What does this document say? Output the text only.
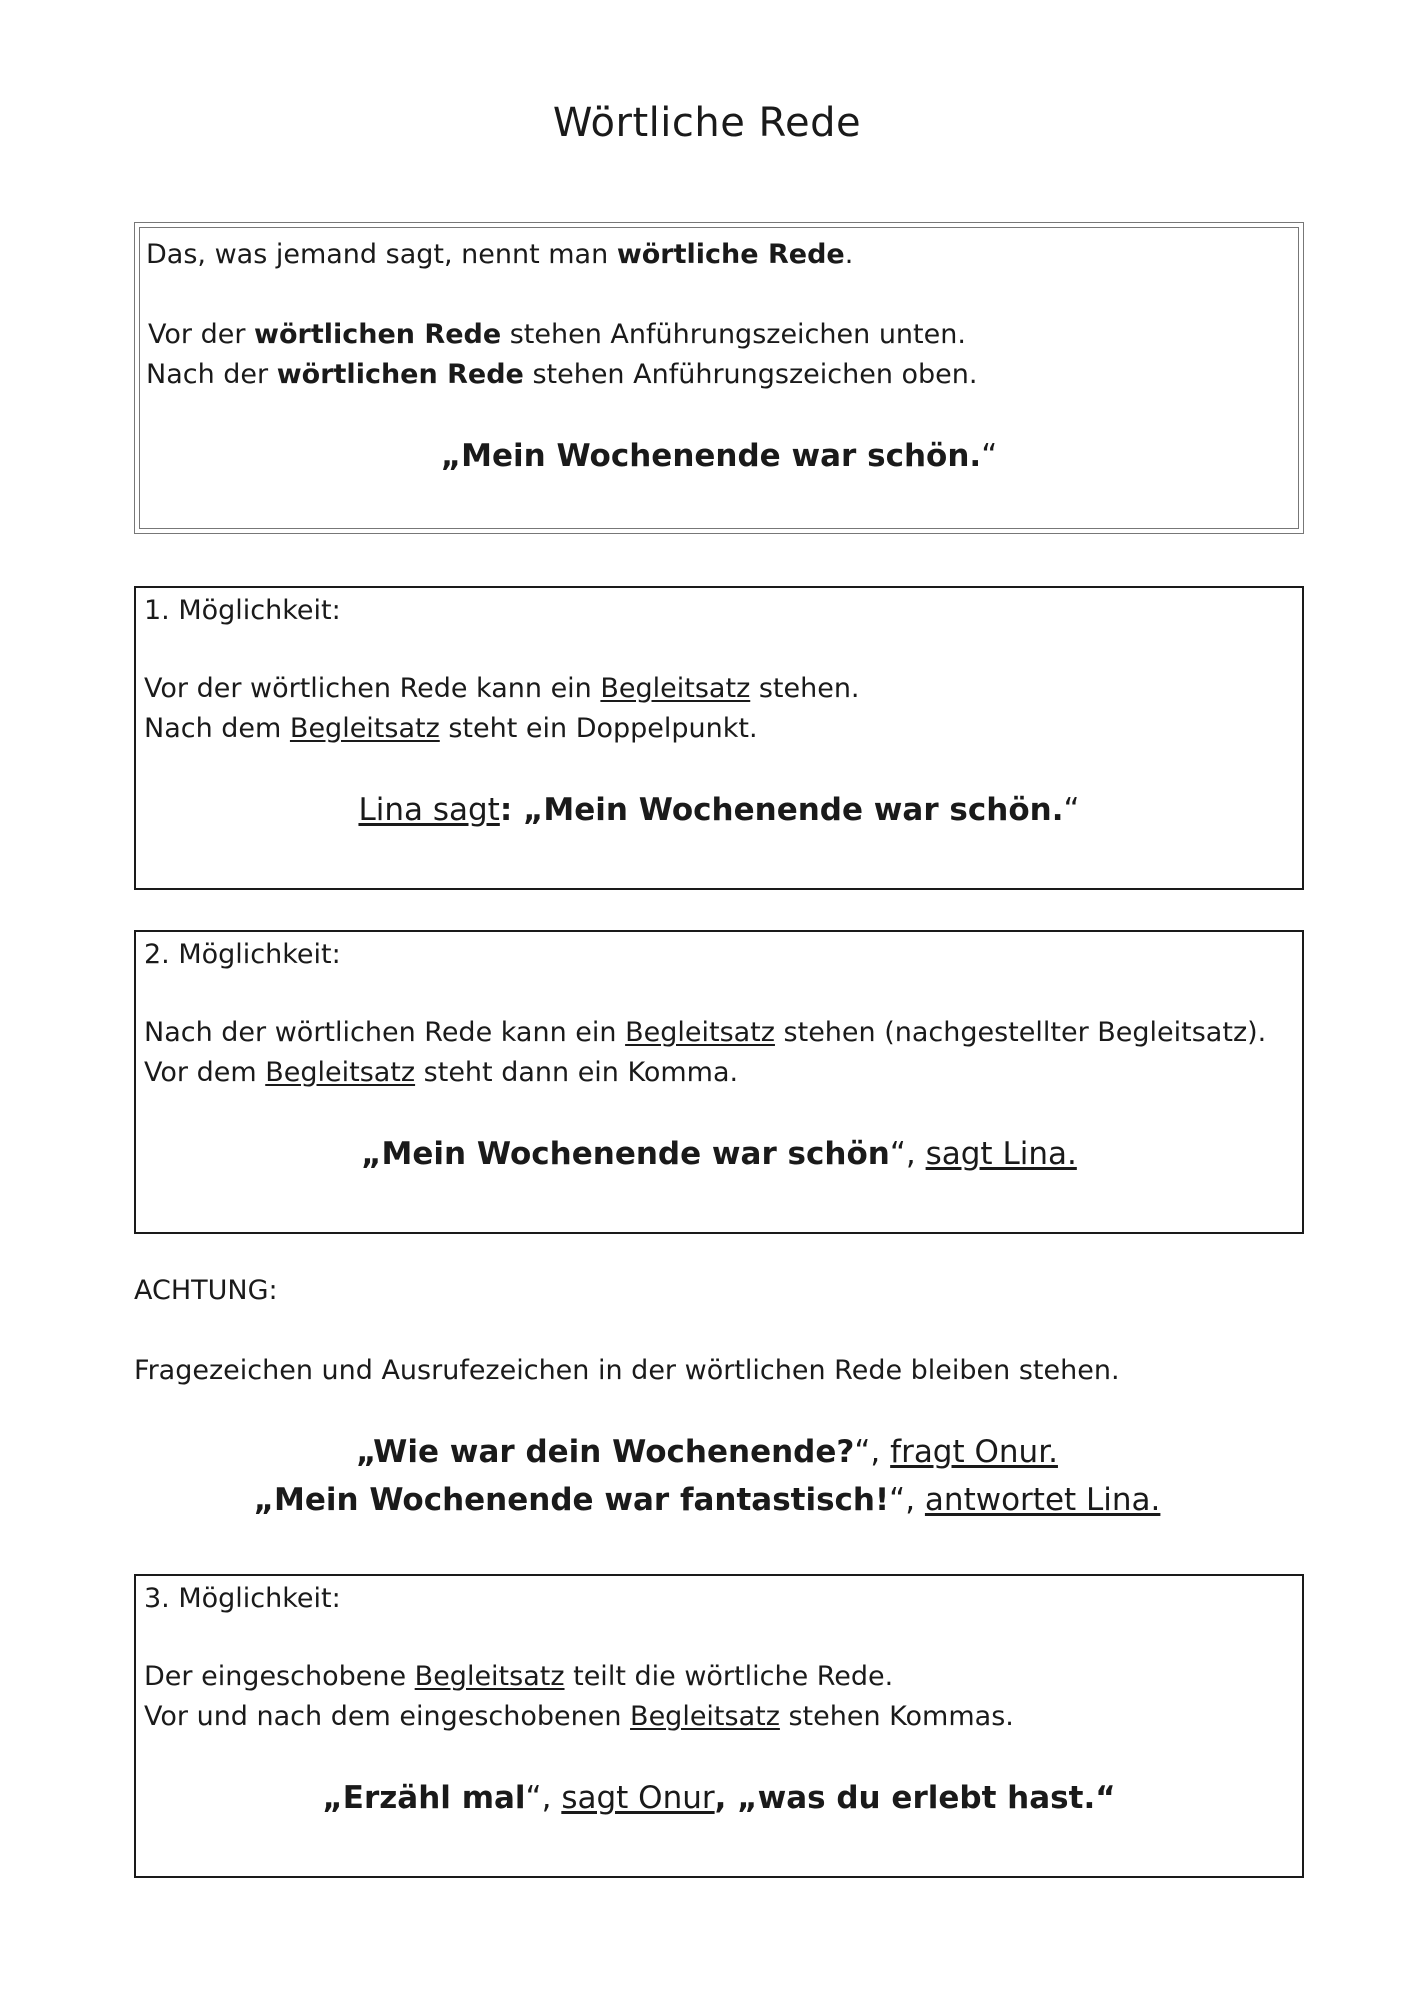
Wörtliche Rede
Das, was jemand sagt, nennt man wörtliche Rede.
Vor der wörtlichen Rede stehen Anführungszeichen unten.
Nach der wörtlichen Rede stehen Anführungszeichen oben.
„Mein Wochenende war schön.“
1. Möglichkeit:
Vor der wörtlichen Rede kann ein Begleitsatz stehen.
Nach dem Begleitsatz steht ein Doppelpunkt.
Lina sagt: „Mein Wochenende war schön.“
2. Möglichkeit:
Nach der wörtlichen Rede kann ein Begleitsatz stehen (nachgestellter Begleitsatz).
Vor dem Begleitsatz steht dann ein Komma.
„Mein Wochenende war schön“, sagt Lina.
ACHTUNG:
Fragezeichen und Ausrufezeichen in der wörtlichen Rede bleiben stehen.
„Wie war dein Wochenende?“, fragt Onur.
„Mein Wochenende war fantastisch!“, antwortet Lina.
3. Möglichkeit:
Der eingeschobene Begleitsatz teilt die wörtliche Rede.
Vor und nach dem eingeschobenen Begleitsatz stehen Kommas.
„Erzähl mal“, sagt Onur, „was du erlebt hast.“
